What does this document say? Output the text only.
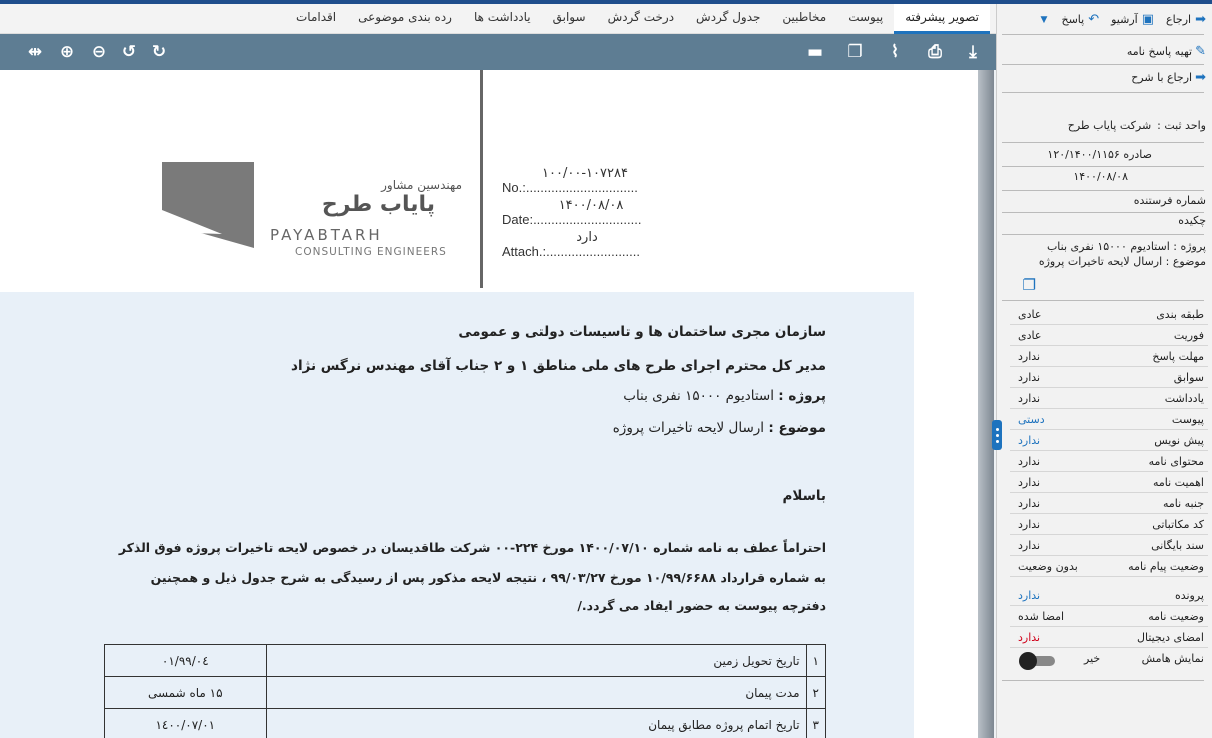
تصویر پیشرفته
پیوست
مخاطبین
جدول گردش
درخت گردش
سوابق
یادداشت ها
رده بندی موضوعی
اقدامات
⇹	⊕	⊖ ↺ ↻	▬	❐	⌇	⎙	⤓
مهندسین مشاور
پایاب طرح
PAYABTARH
CONSULTING ENGINEERS
۱۰۰/۰۰-۱۰۷۲۸۴
No.:...............................
۱۴۰۰/۰۸/۰۸
Date:..............................
دارد
Attach.:..........................
سازمان مجری ساختمان ها و تاسیسات دولتی و عمومی
مدیر کل محترم اجرای طرح های ملی مناطق ۱ و ۲ جناب آقای مهندس نرگس نژاد
پروژه : استادیوم ۱۵۰۰۰ نفری بناب
موضوع : ارسال لایحه تاخیرات پروژه
باسلام
احتراماً عطف به نامه شماره ۱۴۰۰/۰۷/۱۰ مورخ ۲۲۴-۰۰ شرکت طاقدیسان در خصوص لایحه تاخیرات پروژه فوق الذکر
به شماره قرارداد ۱۰/۹۹/۶۶۸۸ مورخ ۹۹/۰۳/۲۷ ، نتیجه لایحه مذکور پس از رسیدگی به شرح جدول ذیل و همچنین
دفترچه پیوست به حضور ایفاد می گردد./
۱	تاریخ تحویل زمین	۹۹/۰٤/۰۱
۲	مدت پیمان	۱۵ ماه شمسی
۳	تاریخ اتمام پروژه مطابق پیمان	۱٤۰۰/۰۷/۰۱
➡
ارجاع
▣
آرشیو
↶
پاسخ
▼
✎
تهیه پاسخ نامه
➡
ارجاع با شرح
واحد ثبت :
شرکت پایاب طرح
صادره ۱۲۰/۱۴۰۰/۱۱۵۶
۱۴۰۰/۰۸/۰۸
شماره فرستنده
چکیده
پروژه : استادیوم ۱۵۰۰۰ نفری بناب
موضوع : ارسال لایحه تاخیرات پروژه
❐
طبقه بندی
عادی
فوریت
عادی
مهلت پاسخ
ندارد
سوابق
ندارد
یادداشت
ندارد
پیوست
دستی
پیش نویس
ندارد
محتوای نامه
ندارد
اهمیت نامه
ندارد
جنبه نامه
ندارد
کد مکاتباتی
ندارد
سند بایگانی
ندارد
وضعیت پیام نامه
بدون وضعیت
پرونده
ندارد
وضعیت نامه
امضا شده
امضای دیجیتال
ندارد
نمایش هامش
خیر
